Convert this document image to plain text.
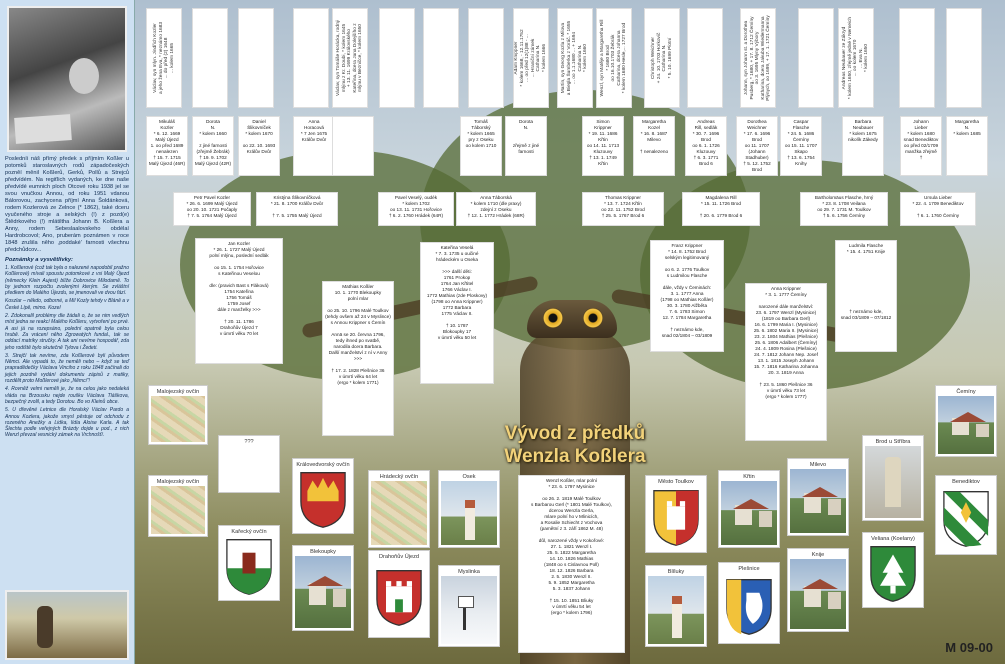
Posledníi náš přímý předek s příjmím Koßler u potomků staroslavných rodů západočeských pozněí měnil Koßlerů, Gerků, Pollů a Strejců předvídém. Na regiťlich vydaných, ke dne naše předvídé eumnich ploch Otcové roku 1938 jel se svou vnučkou Annou, od roku 1951 vdanou Bálorovou, zachycena příjmí Anna Šoldánková, rodem Kozlerová ze Zelnce (* 1862), také dceru vyučeného stroje a selských (!) z pozd(e) Štědrkového (!) mlátiltha Johann B. Koßlera a Anny, rodem Sebeslaalovskeho obdélaí Hardrobcovol; Ano, pruberám poznámen v roce 1848 zrušila něho ‚poddaké' farnosti všechnu předchůdcov...
Poznámky a vysvětlivky:

1. Koßlerové (což tak byla o nalezené napodobil pražno Koßlerové) mívali spoustu potomkové z vsi Malý Újezd (německy Klein Aujest) blíže Dobrovice Milodamě. To by jednom rozpočtu zvolenými kterým. Se zvláštní předkem do Malého Újezdu, se jmenovali ve dvou fází.

Koszlar – někdo, odborné, a Mil Kozly tehdy v Bláně a v České Lípě, mimo. Kozel

2. Zdokonalil problémy dle žádali o, že se nim vedlých míst jedna se reakcí Malého Koßleru, vytvoření po prvé. A asi já na rozepsáno, polední opatrně byla celou hrubě. Za vrácení něho Zgrowatých fundal., tak se oddací matriky stručky. A tak ani nevíme hospodář, zda jeho rodiště bylo skutečně Tylova i Žedeti.

3. Strejčí tak nevíme, zda Koßlerové byli původem Němci. Ale vypadá to, že neměli nebo – když se teď prapradědečky Václava Vinciho z roku 1848 začínali do jejich pozdně vydání dokumentu zápisů z matiky, rozdělit proto Moßlerové jako „Němci"!

4. Rovněž velmi neměli je, že na celou jako nedaleká vláda na Brzousku nejde roušku Václava Tláškova, bezpečný zvolil, a tedy Dorotou. Bo vo Kleinů obce.

5. U dřevěné Letnice dle Horalský Václav Pardo a Annou Kozlera, jakože smysl pěstuje od odchodu z rozeného Anežky a Lidka, lídia Aloise Karla. A tak Šlechta podle veřejných Brázdy dojde u pod., z nich Wenzl převzal vesnický zámek na Vrchnošťí.

Václav, syn mlyn. Jindřich Kozler
a jeho žena Eva, * neznámo 1683
... do před (2) 1648
... kolem 1665
Václav, syn Tomáše Horácka, rodný
mlýnu z Kr. Doubi, * kolem 1645
+ 13. 11. 1699 Královského
Kateřina, dcera Jana Dolejšího z
mlýnu v Bezničce, * kolem 1650
Adam Knippner
* kolem 1668, - 12.11.1752
... oo před 12(1)88 - ...
... Hraniční zámek
Catharina N.
* kolem 1666
Martin, syn Georg Kozla z Milova
a Biegla Šumberka z Voráč. * 1655
... oo 1.1.1680 ... + 1694
Catharina N.
* kolem 1660
Wenzl, syn Matěje a Margaretha Rill
* 1680 Brod
oo 16.10.1703 Žebrák
Catharina, dcera Johanna
* kolem 1680 Hesle,... 1727 Brod
Christoph Weichner
+ 24. 10. 1703 Horkovič
Catharina N.
* 5. 10. 1699 Plotní
Johann, syn Johann st. a Dorothea
Pusberg, * 1680, + 17. 8. 1712 Čemíny
oo 3. 1695 Mlyny Výbory
Katharina, dcera Jakuba Wiedermanna
Plýnych, oo 1699, + 17. 1. 1721 Čemíny
Andreas Neubauer ze Zákryd
* kolem 1650, zřejmě jedné v Nemeich
... oo kolem 1670
... Eva N.
* kolem 1650
Mikuláš
Kozler
* 6. 12. 1669
Malý Újezd
1. oo před 1689
nenalezen
† 15. 7. 1715
Malý Újezd (46R)
Dorota
N.
* kolem 1660

z jiné farnosti
(zřejmě Žebrák)
† 19. 9. 1702
Malý Újezd (42R)
Daniel
Šlikovníček
* kolem 1670

oo 22. 10. 1693
Králův Dvůr
Anna
Horacová
* 7 Jen 1675
Králův Dvůr
Tomáš
Táborský
* kolem 1665
pry z Oseku
oo kolem 1710
Dorota
N.

zřejmě z jiné
farnosti
Simon
Krippner
* 19. 11. 1686
Křtin
oo 14. 11. 1713
Kluzouvy
† 13. 1. 1749
Křtin
Margaretha
Kozel
* 16. 8. 1687
Milevo

† nenalezeno
Andreas
Rill, sedlák
* 30. 7. 1696
Brod
oo 6. 1. 1726
Kluzouvy
† 6. 3. 1771
Brod 6
Dorothea
Weichner
* 17. 6. 1696
Brod
oo 11. 1707
(Johann Stadhuber)
† 5. 12. 1752
Brod
Caspar
Flasche
* 24. 5. 1686
Čemíny
oo 15. 11. 1707
Skapo
† 13. 6. 1754
Knihy
Barbara
Neubauer
* kolem 1675
nikolík Zákedy
Johann
Lieber
* kolem 1680
snad Benediktov
oo před 02/1709
manžka zřejmě
†
Margaretha
N.
* kolem 1685
Petr Pavel Kozler
* 26. 6. 1699 Malý Újezd
oo 20. 10. 1721 Počaply
† 7. 5. 1764 Malý Újezd
Kristýna Šlikovníčková
* 21. 8. 1700 Králův Dvůr

† 7. 5. 1755 Malý Újezd
Pavel Veselý, oudék
* kolem 1702
oo 13. 11. 1731 Hořovice
† 6. 2. 1760 Hrádek (64R)
Anna Táborská
* kolem 1710 (dle praxy)
zdejní z Oseku
† 12. 1. 1772 Hrádek (68R)
Thomas Krippner
* 13. 7. 1724 Křtín
oo 22. 11. 1752 Brod
† 25. 5. 1767 Brod 6
Magdalena Rill
* 15. 11. 1726 Brod

† 20. 6. 1779 Brod 6
Bartholomäus Flasche, hrný
* 23. 8. 1708 Veilana
oo 29. 7. 1731 M. Toulkov
† 5. 6. 1756 Čemíny
Ursula Lieber
* 22. 4. 1709 Benediktov

† 6. 1. 1760 Čemíny
Jan Kozler
* 26. 1. 1727 Malý Újezd
polní mlýnu, poslední sedlák

oo 15. 1. 1754 Hořovice
s Kateřinou Veselou

dle: (pravich Bast s Fláková)
1754 Kateřina
1756 Tomáš
1759 Josef
dále z manželky >>>

† 20. 11. 1786
Drahoňův Újezd 7
v úmrtí věku 70 let
Kateřina Veselá
* 7. 3. 1735 u oučiné
hrádeckém u Oseka

>>> další děti:
1761 Prokop
1764 Jan Křtitel
1766 Václav I.
1772 Mathias (zde Ploskovy)
(1798 oo Anna Krippner)
1772 Barbara
1775 Václav II.

† 10. 1787
Blokoupky 17
v úmrtí věku 50 let
Mathias Koßler
10. 1. 1770 Blekoupky
polní mlar

oo 25. 10. 1796 Malé Toulkov
(tehdy ovšem až 24 v Myslince)
s Annou Krippner s Čemín

Annā se 20. června 1796,
tedy ihned po svatbě,
narodila dcera Barbara.
Další manželství z ní v Anny >>>

† 17. 2. 1828 Plešnice 36
v úmrtí věku 64 let
(ergo * kolem 1771)
Franz Krippner
* 14. 8. 1752 Brod
selským legitimovaný

oo 6. 2. 1776 Toulkov
s Ludmilou Flasche

dále, vždy v Čeminách:
3. 1. 1777 Anna
(1798 oo Mathias Koßler)
30. 3. 1780 Alžběta
7. 6. 1783 Simon
12. 7. 1784 Margaretha

† neznámo kde,
snad 02/1804 – 03/1809
Ludmila Flasche
* 15. 4. 1751 Knije

† neznámo kde,
snad 03/1809 – 07/1812
Anna Krippner
* 3. 1. 1777 Čemíny

narozené dále manželství:
23. 6. 1797 Wenzl (Mysinice)
(1819 oo Barbara Gerl)
16. 6. 1799 Maria I. (Mysinice)
25. 6. 1802 Maria II. (Mysinice)
23. 2. 1804 Mathias (Plešnice)
25. 6. 1806 Adalbert (Čemíny)
24. 4. 1809 Rosina (Plešnice)
24. 7. 1812 Johann Nep. Josef
13. 1. 1815 Joseph Johann
15. 7. 1816 Katharina Johanna
20. 3. 1819 Anna

† 23. 5. 1860 Plešnice 36
v úmrtí věku 73 let
(ergo * kolem 1777)
Wenzl Koßler, mlar polní
* 23. 6. 1797 Mysinice

oo 26. 2. 1819 Malé Toulkov
s Barbarou Gerl (* 1801 Malé Toulkov),
dcerou Wenzla Gerla,
mlare polní ho v Mlinicích,
a Rosalie Schiecht z Vochova
(pamětní z 3. září 1862 M. 48)

důl, narozené vždy v Kokořové:
27. 1. 1821 Wenzl I.
25. 5. 1822 Margaretha
14. 10. 1826 Mathias
(1848 oo s Cislavnou Poll)
18. 12. 1826 Barbara
2. 5. 1830 Wenzl II.
5. 9. 1852 Margaretha
5. 3. 1837 Johann

† 15. 10. 1851 Bliuky
v úmrtí věku 54 let
(ergo * kolem 1796)
Malojezský ovčín
Malojezský ovčín
???
Kařecký ovčín
Královedvorský ovčín
Blekoupky
Hrádecký ovčín
Drahoňův Újezd
Osek
Myslinka
Město Toulkov
Blíluky
Křtin
Plešnice
Milevo
Knije
Brod u Stříbra
Veliana (Koelany)
Čemíny
Benediktov
Vývod z předků
Wenzla Koßlera
M 09-00
